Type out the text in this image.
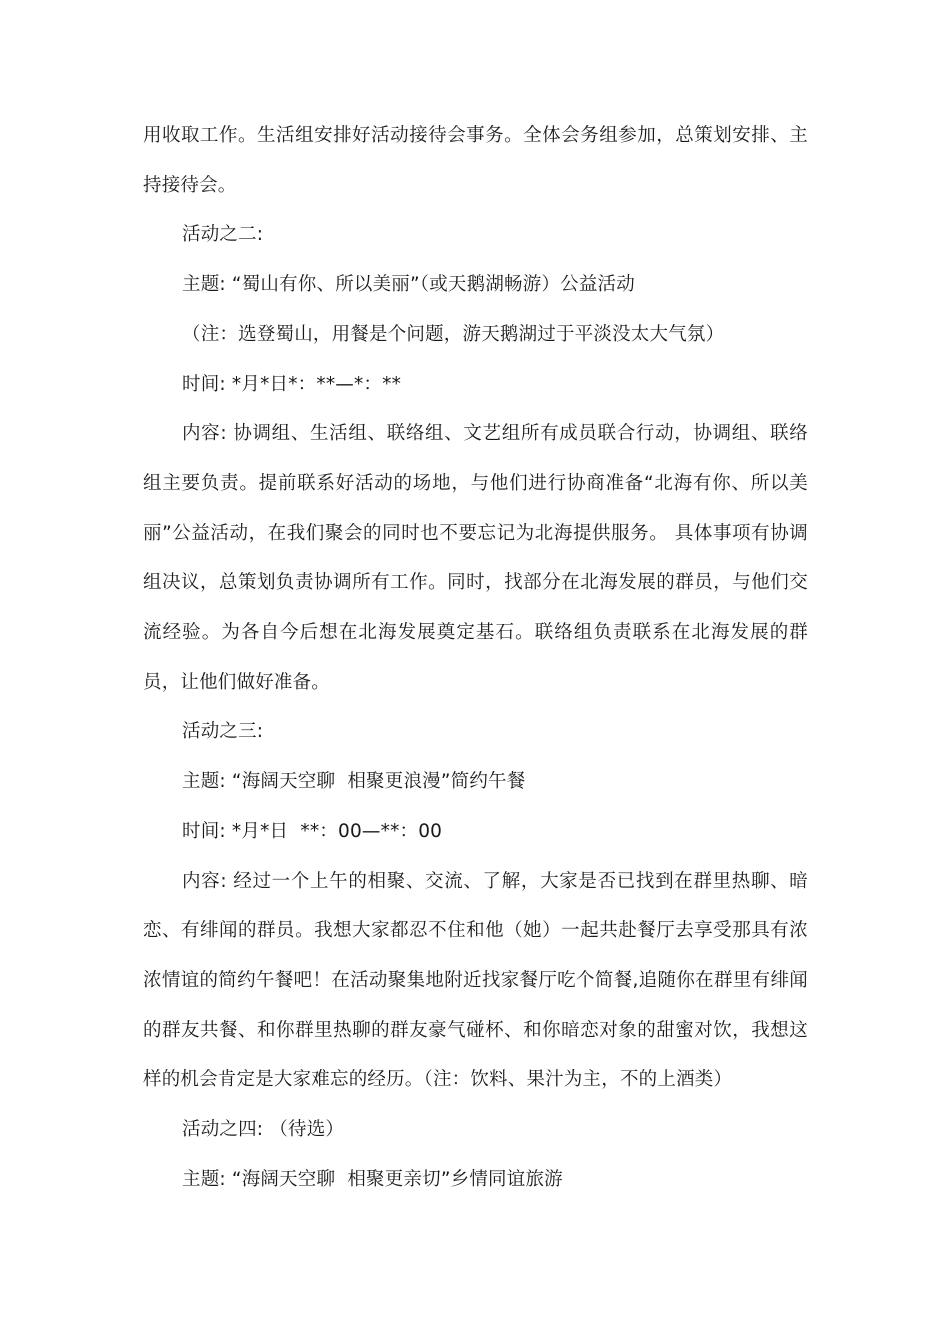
用收取工作。生活组安排好活动接待会事务。全体会务组参加，总策划安排、主持接待会。

活动之二:

主题: “蜀山有你、所以美丽”（或天鹅湖畅游）公益活动

（注：选登蜀山，用餐是个问题，游天鹅湖过于平淡没太大气氛）

时间: *月*日*：**—*：**

内容: 协调组、生活组、联络组、文艺组所有成员联合行动，协调组、联络组主要负责。提前联系好活动的场地，与他们进行协商准备“北海有你、所以美丽”公益活动，在我们聚会的同时也不要忘记为北海提供服务。 具体事项有协调组决议，总策划负责协调所有工作。同时，找部分在北海发展的群员，与他们交流经验。为各自今后想在北海发展奠定基石。联络组负责联系在北海发展的群员，让他们做好准备。

活动之三:

主题: “海阔天空聊  相聚更浪漫”简约午餐

时间: *月*日  **：00—**：00

内容: 经过一个上午的相聚、交流、了解，大家是否已找到在群里热聊、暗恋、有绯闻的群员。我想大家都忍不住和他（她）一起共赴餐厅去享受那具有浓浓情谊的简约午餐吧！在活动聚集地附近找家餐厅吃个简餐,追随你在群里有绯闻的群友共餐、和你群里热聊的群友豪气碰杯、和你暗恋对象的甜蜜对饮，我想这样的机会肯定是大家难忘的经历。（注：饮料、果汁为主，不的上酒类）

活动之四: （待选）

主题: “海阔天空聊  相聚更亲切”乡情同谊旅游
